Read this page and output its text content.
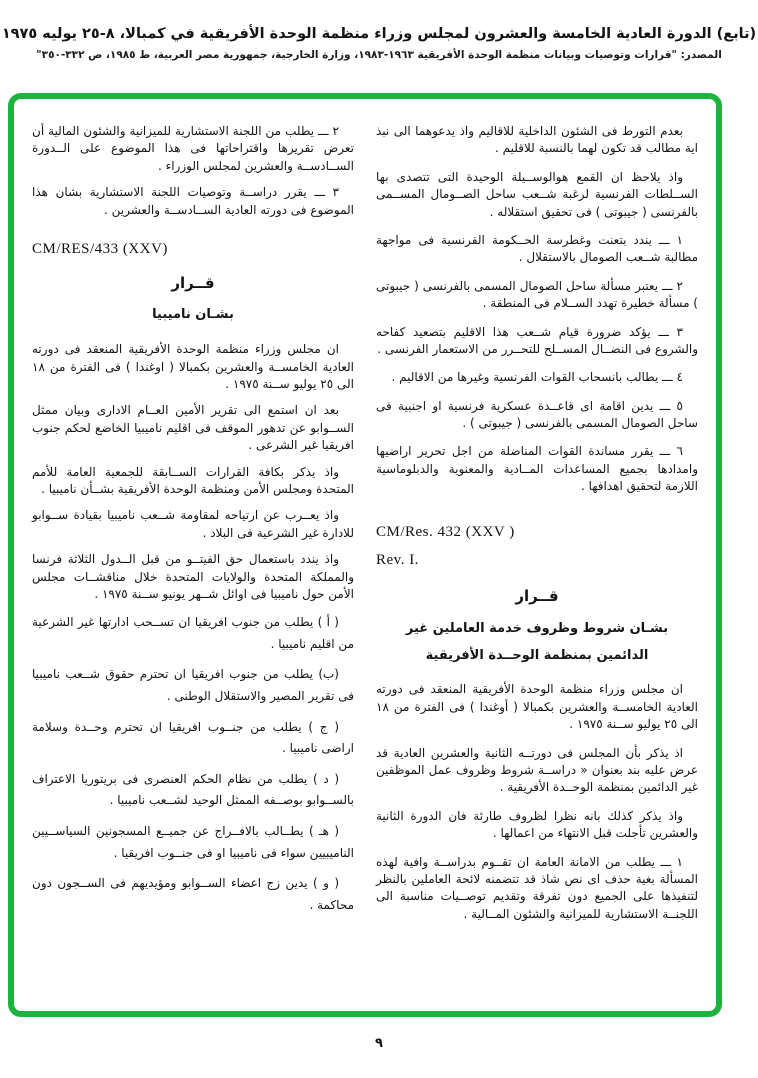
(تابع) الدورة العادية الخامسة والعشرون لمجلس وزراء منظمة الوحدة الأفريقية في كمبالا، ٨-٢٥ يوليه ١٩٧٥
المصدر: "قرارات وتوصيات وبيانات منظمة الوحدة الأفريقية ١٩٦٣-١٩٨٣، وزارة الخارجية، جمهورية مصر العربية، ط ١٩٨٥، ص ٣٣٢-٣٥٠"

بعدم التورط فى الشئون الداخلية للاقاليم واذ يدعوهما الى نبذ اية مطالب قد تكون لهما بالنسبة للاقليم .

واذ يلاحظ ان القمع هوالوســيلة الوحيدة التى تتصدى بها الســلطات الفرنسية لرغبة شــعب ساحل الصــومال المســمى بالفرنسى ( جيبوتى ) فى تحقيق استقلاله .

١ ـــ يندد بتعنت وغطرسة الحــكومة الفرنسية فى مواجهة مطالبة شــعب الصومال بالاستقلال .

٢ ـــ يعتبر مسألة ساحل الصومال المسمى بالفرنسى ( جيبوتى ) مسألة خطيرة تهدد الســلام فى المنطقة .

٣ ـــ يؤكد ضرورة قيام شــعب هذا الاقليم بتصعيد كفاحه والشروع فى النضــال المســلح للتحــرر من الاستعمار الفرنسى .

٤ ـــ يطالب بانسحاب القوات الفرنسية وغيرها من الاقاليم .

٥ ـــ يدين اقامة اى قاعــدة عسكرية فرنسية او اجنبية فى ساحل الصومال المسمى بالفرنسى ( جيبوتى ) .

٦ ـــ يقرر مساندة القوات المناضلة من اجل تحرير اراضيها وامدادها بجميع المساعدات المــادية والمعنوية والدبلوماسية اللازمة لتحقيق اهدافها .

CM/Res. 432 (XXV )
Rev. I.
قــرار
بشـان شروط وظروف خدمة العاملين غير
الدائمين بمنظمة الوحــدة الأفريقية

ان مجلس وزراء منظمة الوحدة الأفريقية المنعقد فى دورته العادية الخامســة والعشرين بكمبالا ( أوغندا ) فى الفترة من ١٨ الى ٢٥ يوليو ســنة ١٩٧٥ .

اذ يذكر بأن المجلس فى دورتــه الثانية والعشرين العادية قد عرض عليه بند بعنوان « دراســة شروط وظروف عمل الموظفين غير الدائمين بمنظمة الوحــدة الأفريقية .

واذ يذكر كذلك بانه نظرا لظروف طارئة فان الدورة الثانية والعشرين تأجلت قبل الانتهاء من اعمالها .

١ ـــ يطلب من الامانة العامة ان تقــوم بدراســة وافية لهذه المسألة بغية حذف اى نص شاذ قد تتضمنه لائحة العاملين بالنظر لتنفيذها على الجميع دون تفرقة وتقديم توصــيات مناسبة الى اللجنــة الاستشارية للميزانية والشئون المــالية .

٢ ـــ يطلب من اللجنة الاستشارية للميزانية والشئون المالية أن تعرض تقريرها واقتراحاتها فى هذا الموضوع على الــدورة الســادســة والعشرين لمجلس الوزراء .

٣ ـــ يقرر دراســة وتوصيات اللجنة الاستشارية بشان هذا الموضوع فى دورته العادية الســادســة والعشرين .

CM/RES/433 (XXV)
قــرار
بشـان ناميبيا

ان مجلس وزراء منظمة الوحدة الأفريقية المنعقد فى دورته العادية الخامســة والعشرين بكمبالا ( اوغندا ) فى الفترة من ١٨ الى ٢٥ يوليو ســنة ١٩٧٥ .

بعد ان استمع الى تقرير الأمين العــام الادارى وبيان ممثل الســوابو عن تدهور الموقف فى اقليم ناميبيا الخاضع لحكم جنوب افريقيا غير الشرعى .

واذ يذكر بكافة القرارات الســابقة للجمعية العامة للأمم المتحدة ومجلس الأمن ومنظمة الوحدة الأفريقية بشــأن ناميبيا .

واذ يعــرب عن ارتياحه لمقاومة شــعب ناميبيا بقيادة ســوابو للادارة غير الشرعية فى البلاد .

واذ يندد باستعمال حق الفيتــو من قبل الــدول الثلاثة فرنسا والمملكة المتحدة والولايات المتحدة خلال مناقشــات مجلس الأمن حول ناميبيا فى اوائل شــهر يونيو ســنة ١٩٧٥ .

( أ ) يطلب من جنوب افريقيا ان تســحب ادارتها غير الشرعية من اقليم ناميبيا .

(ب) يطلب من جنوب افريقيا ان تحترم حقوق شــعب ناميبيا فى تقرير المصير والاستقلال الوطنى .

( ج ) يطلب من جنــوب افريقيا ان تحترم وحــدة وسلامة اراضى ناميبيا .

( د ) يطلب من نظام الحكم العنصرى فى بريتوريا الاعتراف بالســوابو بوصــفه الممثل الوحيد لشــعب ناميبيا .

( هـ ) يطــالب بالافــراج عن جميــع المسجونين السياســيين الناميبيين سواء فى ناميبيا او فى جنــوب افريقيا .

( و ) يدين زج اعضاء الســوابو ومؤيديهم فى الســجون دون محاكمة .

٩
